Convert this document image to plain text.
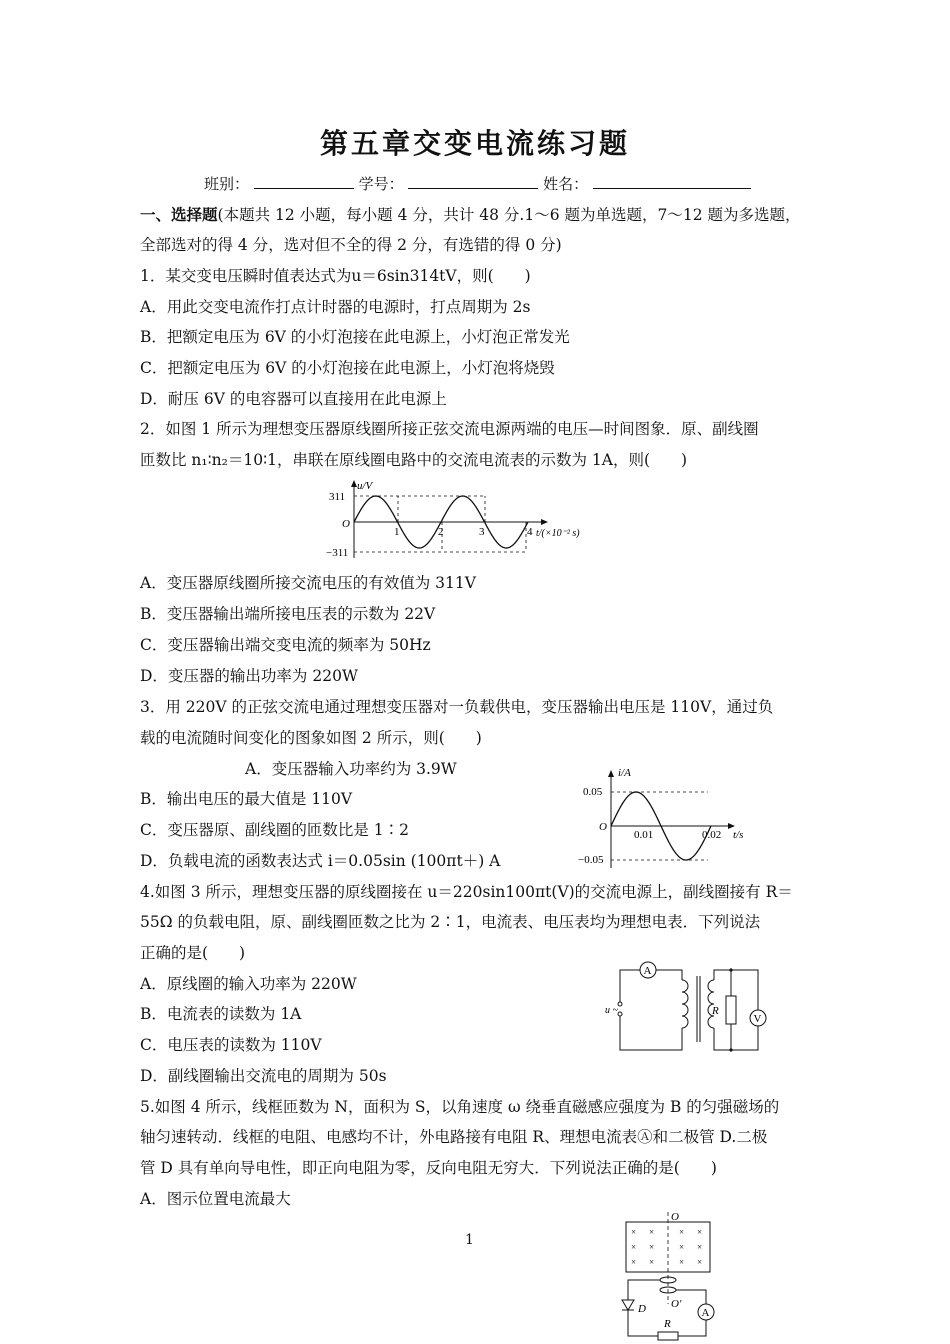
第五章交变电流练习题
班别：	学号：	姓名：

一、选择题(本题共 12 小题，每小题 4 分，共计 48 分.1～6 题为单选题，7～12 题为多选题，

全部选对的得 4 分，选对但不全的得 2 分，有选错的得 0 分)

1．某交变电压瞬时值表达式为u＝6sin314tV，则(　　)

A．用此交变电流作打点计时器的电源时，打点周期为 2s

B．把额定电压为 6V 的小灯泡接在此电源上，小灯泡正常发光

C．把额定电压为 6V 的小灯泡接在此电源上，小灯泡将烧毁

D．耐压 6V 的电容器可以直接用在此电源上

2．如图 1 所示为理想变压器原线圈所接正弦交流电源两端的电压—时间图象．原、副线圈

匝数比 n₁∶n₂＝10∶1，串联在原线圈电路中的交流电流表的示数为 1A，则(　　)

311
−311
O
u/V
1	2	3	4 t/(×10⁻² s)

A．变压器原线圈所接交流电压的有效值为 311V

B．变压器输出端所接电压表的示数为 22V

C．变压器输出端交变电流的频率为 50Hz

D．变压器的输出功率为 220W

3．用 220V 的正弦交流电通过理想变压器对一负载供电，变压器输出电压是 110V，通过负

载的电流随时间变化的图象如图 2 所示，则(　　)

A．变压器输入功率约为 3.9W

B．输出电压的最大值是 110V

C．变压器原、副线圈的匝数比是 1∶2

D．负载电流的函数表达式 i＝0.05sin (100πt＋) A

i/A
0.05
−0.05
O
0.01	0.02 t/s

4.如图 3 所示，理想变压器的原线圈接在 u＝220sin100πt(V)的交流电源上，副线圈接有 R＝

55Ω 的负载电阻，原、副线圈匝数之比为 2∶1，电流表、电压表均为理想电表．下列说法

正确的是(　　)

A．原线圈的输入功率为 220W

B．电流表的读数为 1A

C．电压表的读数为 110V

D．副线圈输出交流电的周期为 50s

A
u ~	R
V

5.如图 4 所示，线框匝数为 N，面积为 S，以角速度 ω 绕垂直磁感应强度为 B 的匀强磁场的

轴匀速转动．线框的电阻、电感均不计，外电路接有电阻 R、理想电流表Ⓐ和二极管 D.二极

管 D 具有单向导电性，即正向电阻为零，反向电阻无穷大．下列说法正确的是(　　)

A．图示位置电流最大

1	×
×
×
×
×
×
×
×
×
×
×
×
O
O′
D
R
A
